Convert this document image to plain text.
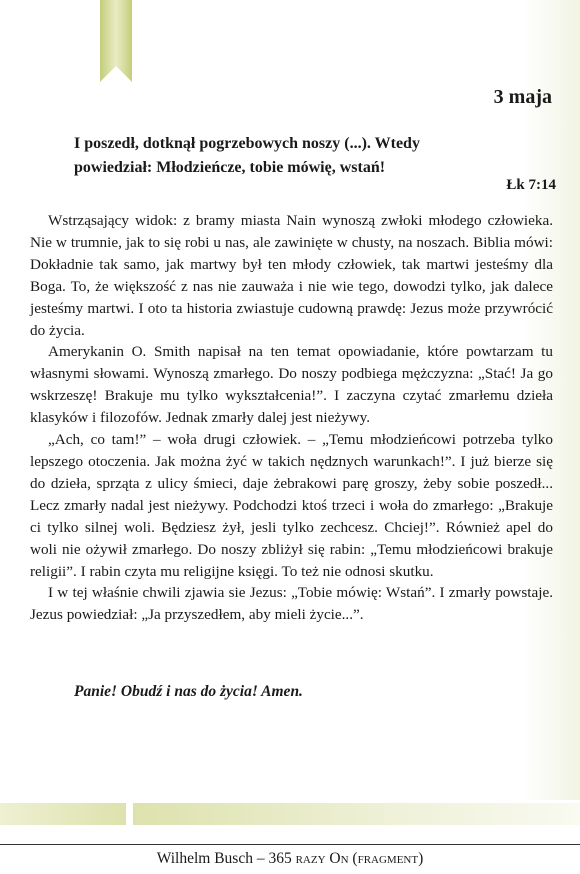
3 maja
I poszedł, dotknął pogrzebowych noszy (...). Wtedy powiedział: Młodzieńcze, tobie mówię, wstań!
Łk 7:14

Wstrząsający widok: z bramy miasta Nain wynoszą zwłoki młodego człowieka. Nie w trumnie, jak to się robi u nas, ale zawinięte w chusty, na noszach. Biblia mówi: Dokładnie tak samo, jak martwy był ten młody człowiek, tak martwi jesteśmy dla Boga. To, że większość z nas nie zauważa i nie wie tego, dowodzi tylko, jak dalece jesteśmy martwi. I oto ta historia zwiastuje cudowną prawdę: Jezus może przywrócić do życia.

Amerykanin O. Smith napisał na ten temat opowiadanie, które powtarzam tu własnymi słowami. Wynoszą zmarłego. Do noszy podbiega mężczyzna: „Stać! Ja go wskrzeszę! Brakuje mu tylko wykształcenia!”. I zaczyna czytać zmarłemu dzieła klasyków i filozofów. Jednak zmarły dalej jest nieżywy.

„Ach, co tam!” – woła drugi człowiek. – „Temu młodzieńcowi potrzeba tylko lepszego otoczenia. Jak można żyć w takich nędznych warunkach!”. I już bierze się do dzieła, sprząta z ulicy śmieci, daje żebrakowi parę groszy, żeby sobie poszedł... Lecz zmarły nadal jest nieżywy. Podchodzi ktoś trzeci i woła do zmarłego: „Brakuje ci tylko silnej woli. Będziesz żył, jesli tylko zechcesz. Chciej!”. Również apel do woli nie ożywił zmarłego. Do noszy zbliżył się rabin: „Temu młodzieńcowi brakuje religii”. I rabin czyta mu religijne księgi. To też nie odnosi skutku.

I w tej właśnie chwili zjawia sie Jezus: „Tobie mówię: Wstań”. I zmarły powstaje. Jezus powiedział: „Ja przyszedłem, aby mieli życie...”.

Panie! Obudź i nas do życia! Amen.
Wilhelm Busch – 365 razy On (fragment)
